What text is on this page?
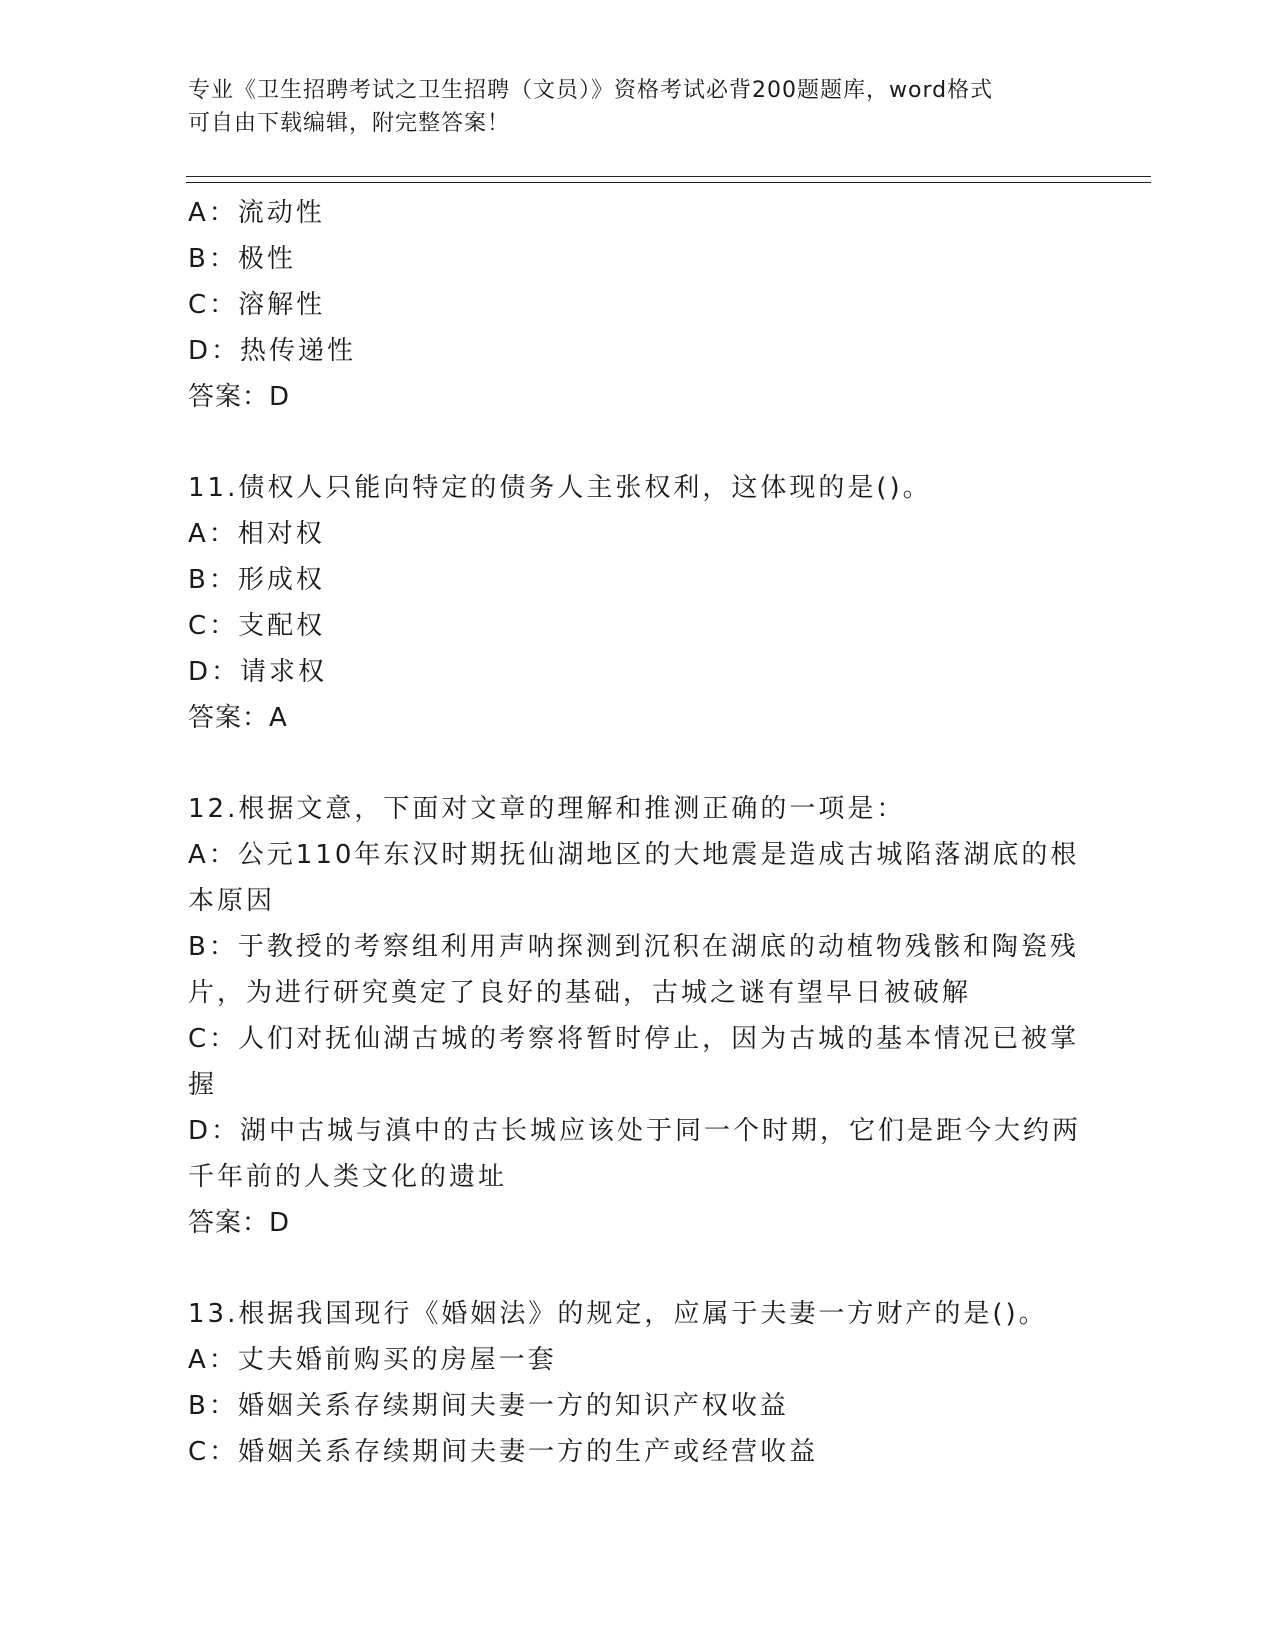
专业《卫生招聘考试之卫生招聘（文员）》资格考试必背200题题库，word格式
可自由下载编辑，附完整答案！
A：流动性
B：极性
C：溶解性
D：热传递性
答案：D
11.债权人只能向特定的债务人主张权利，这体现的是()。
A：相对权
B：形成权
C：支配权
D：请求权
答案：A
12.根据文意，下面对文章的理解和推测正确的一项是：
A：公元110年东汉时期抚仙湖地区的大地震是造成古城陷落湖底的根
本原因
B：于教授的考察组利用声呐探测到沉积在湖底的动植物残骸和陶瓷残
片，为进行研究奠定了良好的基础，古城之谜有望早日被破解
C：人们对抚仙湖古城的考察将暂时停止，因为古城的基本情况已被掌
握
D：湖中古城与滇中的古长城应该处于同一个时期，它们是距今大约两
千年前的人类文化的遗址
答案：D
13.根据我国现行《婚姻法》的规定，应属于夫妻一方财产的是()。
A：丈夫婚前购买的房屋一套
B：婚姻关系存续期间夫妻一方的知识产权收益
C：婚姻关系存续期间夫妻一方的生产或经营收益
